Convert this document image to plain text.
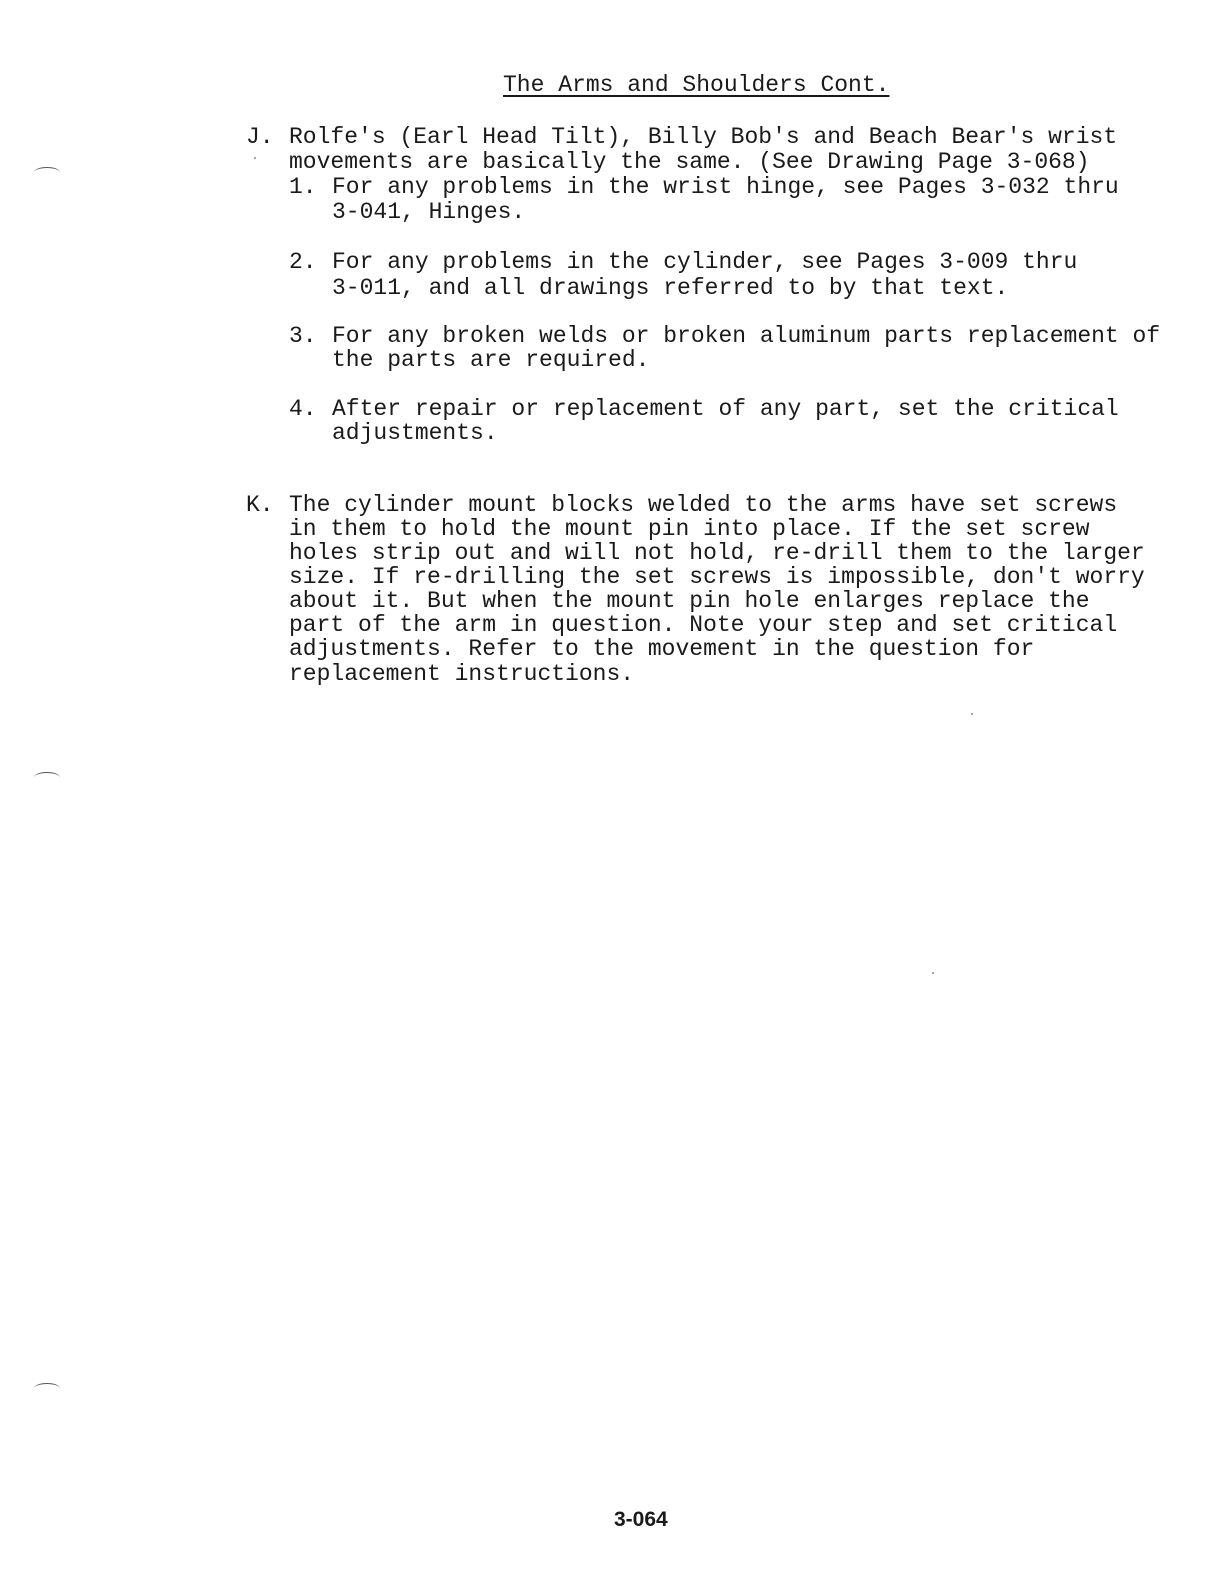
The Arms and Shoulders Cont.
J. Rolfe's (Earl Head Tilt), Billy Bob's and Beach Bear's wrist
movements are basically the same. (See Drawing Page 3-068)
1. For any problems in the wrist hinge, see Pages 3-032 thru
3-041, Hinges.
2. For any problems in the cylinder, see Pages 3-009 thru
3-011, and all drawings referred to by that text.
3. For any broken welds or broken aluminum parts replacement of
the parts are required.
4. After repair or replacement of any part, set the critical
adjustments.
K. The cylinder mount blocks welded to the arms have set screws
in them to hold the mount pin into place. If the set screw
holes strip out and will not hold, re-drill them to the larger
size. If re-drilling the set screws is impossible, don't worry
about it. But when the mount pin hole enlarges replace the
part of the arm in question. Note your step and set critical
adjustments. Refer to the movement in the question for
replacement instructions.
3-064
